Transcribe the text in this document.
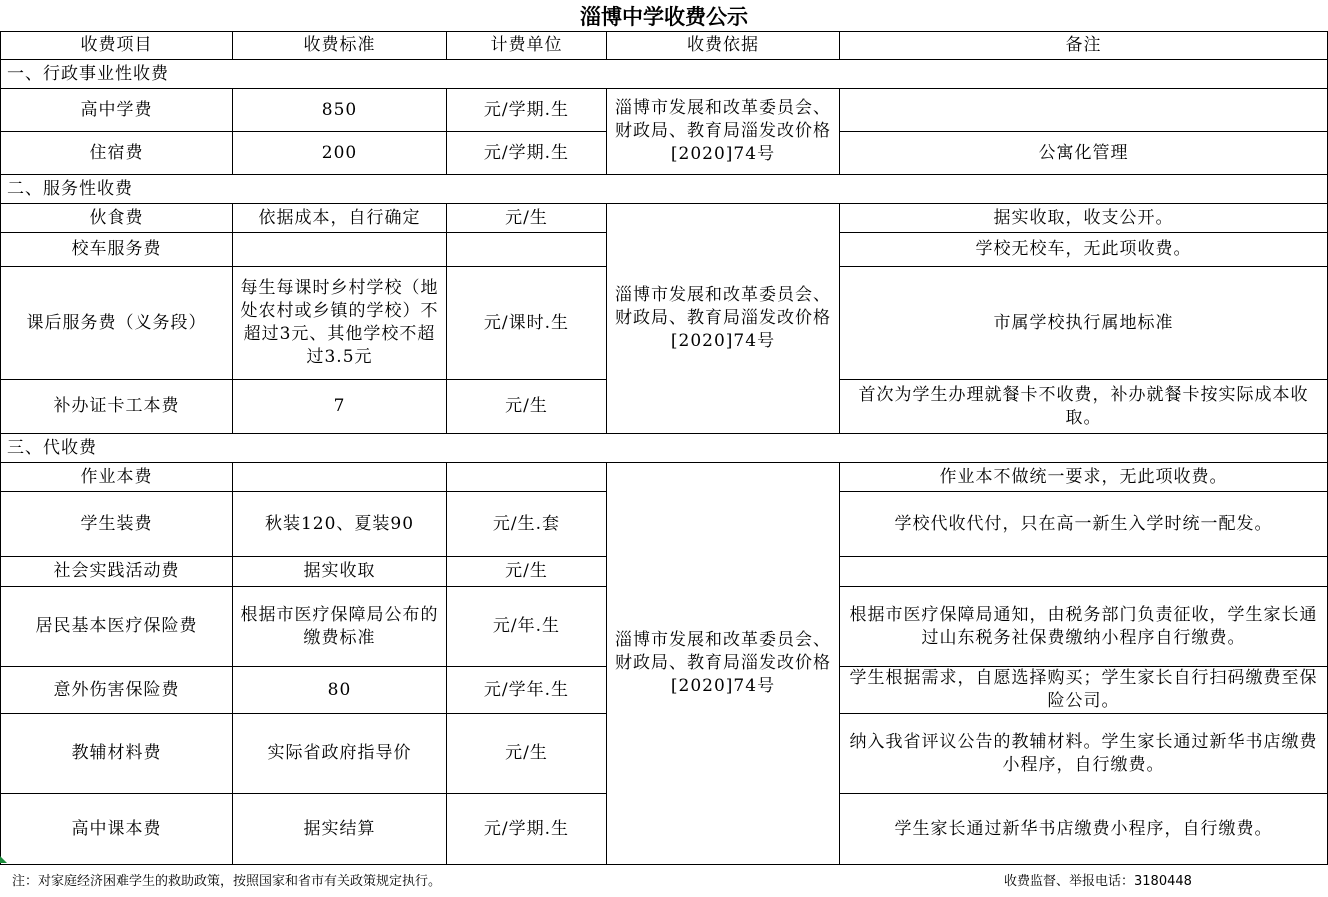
淄博中学收费公示
收费项目	收费标准	计费单位	收费依据	备注
一、行政事业性收费				
高中学费	850	元/学期.生	淄博市发展和改革委员会、财政局、教育局淄发改价格[2020]74号	
住宿费	200	元/学期.生		公寓化管理
二、服务性收费				
伙食费	依据成本，自行确定	元/生	淄博市发展和改革委员会、财政局、教育局淄发改价格[2020]74号	据实收取，收支公开。
校车服务费				学校无校车，无此项收费。
课后服务费（义务段）	每生每课时乡村学校（地处农村或乡镇的学校）不超过3元、其他学校不超过3.5元	元/课时.生		市属学校执行属地标准
补办证卡工本费	7	元/生		首次为学生办理就餐卡不收费，补办就餐卡按实际成本收取。
三、代收费				
作业本费			淄博市发展和改革委员会、财政局、教育局淄发改价格[2020]74号	作业本不做统一要求，无此项收费。
学生装费	秋装120、夏装90	元/生.套		学校代收代付，只在高一新生入学时统一配发。
社会实践活动费	据实收取	元/生		
居民基本医疗保险费	根据市医疗保障局公布的缴费标准	元/年.生		根据市医疗保障局通知，由税务部门负责征收，学生家长通过山东税务社保费缴纳小程序自行缴费。
意外伤害保险费	80	元/学年.生		学生根据需求，自愿选择购买；学生家长自行扫码缴费至保险公司。
教辅材料费	实际省政府指导价	元/生		纳入我省评议公告的教辅材料。学生家长通过新华书店缴费小程序，自行缴费。
高中课本费	据实结算	元/学期.生		学生家长通过新华书店缴费小程序，自行缴费。
注：对家庭经济困难学生的救助政策，按照国家和省市有关政策规定执行。	收费监督、举报电话：3180448
